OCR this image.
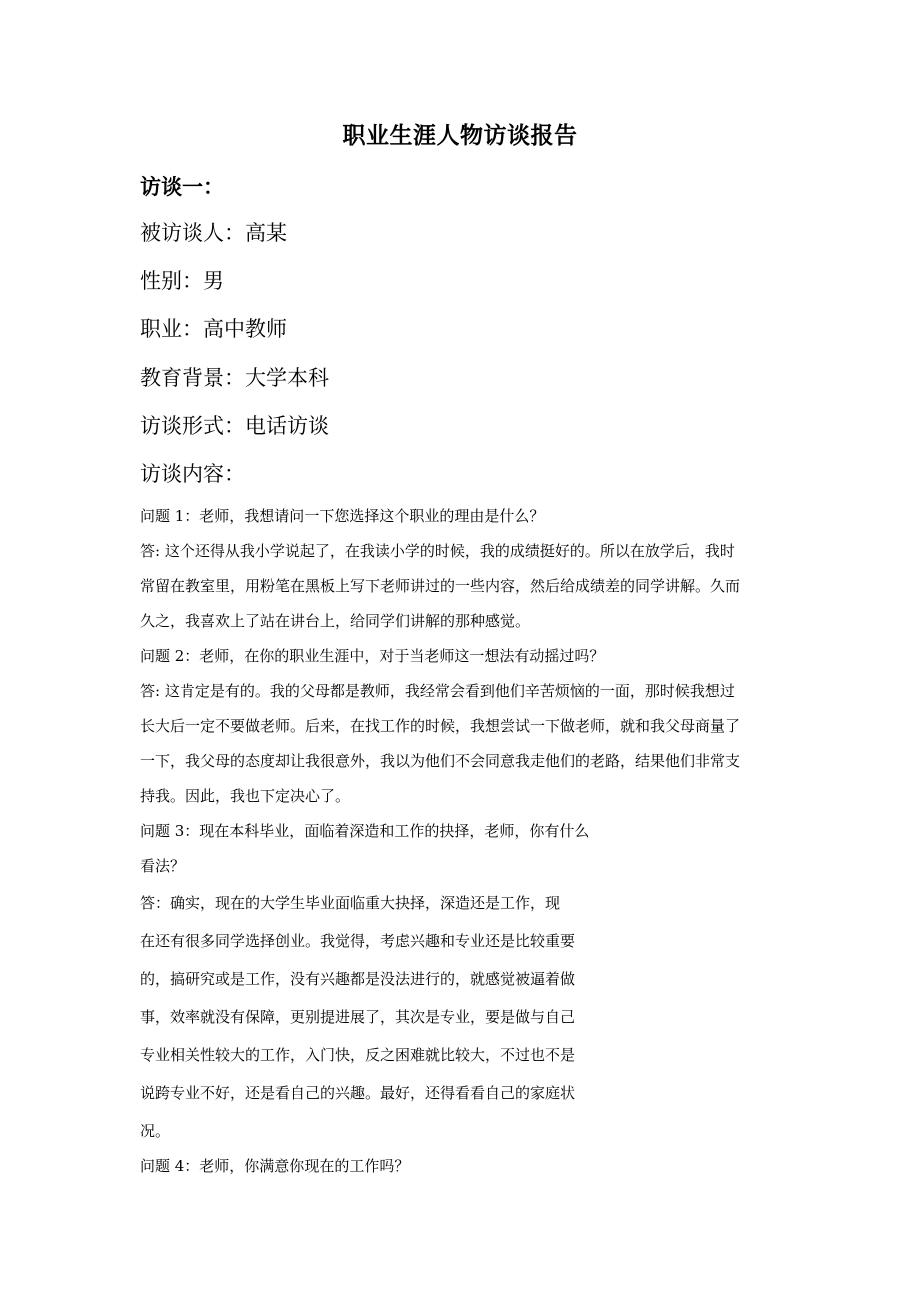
职业生涯人物访谈报告
访谈一：
被访谈人：高某
性别：男
职业：高中教师
教育背景：大学本科
访谈形式：电话访谈
访谈内容：
问题 1：老师，我想请问一下您选择这个职业的理由是什么？
答: 这个还得从我小学说起了，在我读小学的时候，我的成绩挺好的。所以在放学后，我时
常留在教室里，用粉笔在黑板上写下老师讲过的一些内容，然后给成绩差的同学讲解。久而
久之，我喜欢上了站在讲台上，给同学们讲解的那种感觉。
问题 2：老师，在你的职业生涯中，对于当老师这一想法有动摇过吗？
答: 这肯定是有的。我的父母都是教师，我经常会看到他们辛苦烦恼的一面，那时候我想过
长大后一定不要做老师。后来，在找工作的时候，我想尝试一下做老师，就和我父母商量了
一下，我父母的态度却让我很意外，我以为他们不会同意我走他们的老路，结果他们非常支
持我。因此，我也下定决心了。
问题 3：现在本科毕业，面临着深造和工作的抉择，老师，你有什么
看法？
答：确实，现在的大学生毕业面临重大抉择，深造还是工作，现
在还有很多同学选择创业。我觉得，考虑兴趣和专业还是比较重要
的，搞研究或是工作，没有兴趣都是没法进行的，就感觉被逼着做
事，效率就没有保障，更别提进展了，其次是专业，要是做与自己
专业相关性较大的工作，入门快，反之困难就比较大，不过也不是
说跨专业不好，还是看自己的兴趣。最好，还得看看自己的家庭状
况。
问题 4：老师，你满意你现在的工作吗？
